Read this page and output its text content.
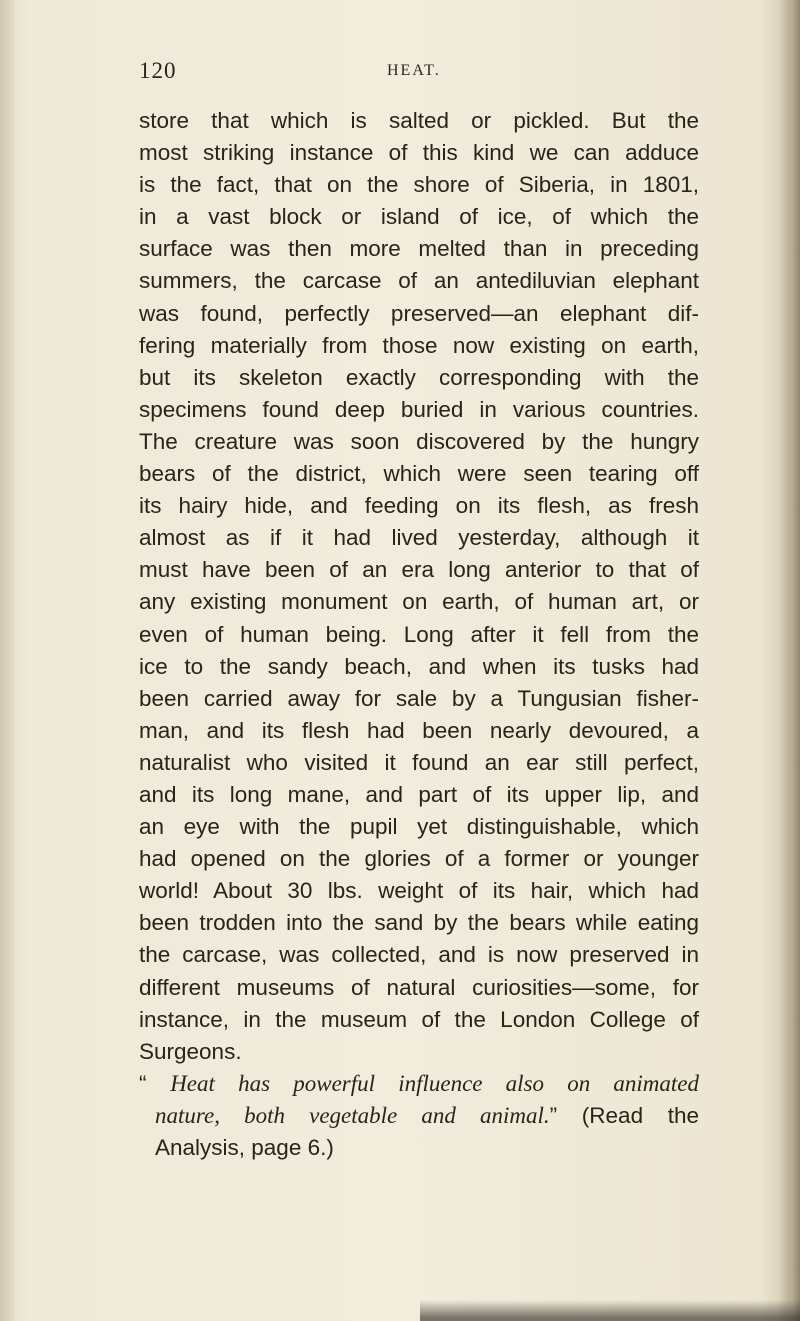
120	HEAT.
store that which is salted or pickled. But the
most striking instance of this kind we can adduce
is the fact, that on the shore of Siberia, in 1801,
in a vast block or island of ice, of which the
surface was then more melted than in preceding
summers, the carcase of an antediluvian elephant
was found, perfectly preserved—an elephant dif-
fering materially from those now existing on earth,
but its skeleton exactly corresponding with the
specimens found deep buried in various countries.
The creature was soon discovered by the hungry
bears of the district, which were seen tearing off
its hairy hide, and feeding on its flesh, as fresh
almost as if it had lived yesterday, although it
must have been of an era long anterior to that of
any existing monument on earth, of human art, or
even of human being. Long after it fell from the
ice to the sandy beach, and when its tusks had
been carried away for sale by a Tungusian fisher-
man, and its flesh had been nearly devoured, a
naturalist who visited it found an ear still perfect,
and its long mane, and part of its upper lip, and
an eye with the pupil yet distinguishable, which
had opened on the glories of a former or younger
world! About 30 lbs. weight of its hair, which had
been trodden into the sand by the bears while eating
the carcase, was collected, and is now preserved in
different museums of natural curiosities—some, for
instance, in the museum of the London College of
Surgeons.
“ Heat has powerful influence also on animated
nature, both vegetable and animal.” (Read the
Analysis, page 6.)
